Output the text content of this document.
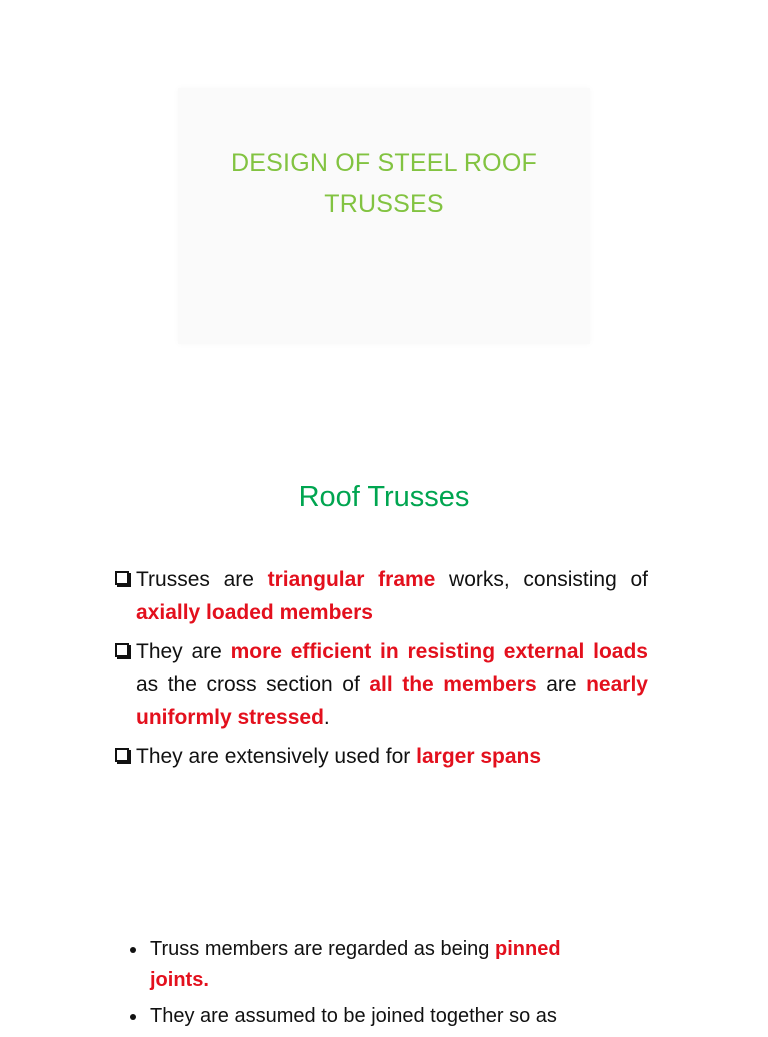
DESIGN OF STEEL ROOF
TRUSSES
Roof Trusses
Trusses are triangular frame works, consisting of axially loaded members
They are more efficient in resisting external loads as the cross section of all the members are nearly uniformly stressed.
They are extensively used for larger spans
Truss members are regarded as being pinned joints.
They are assumed to be joined together so as
